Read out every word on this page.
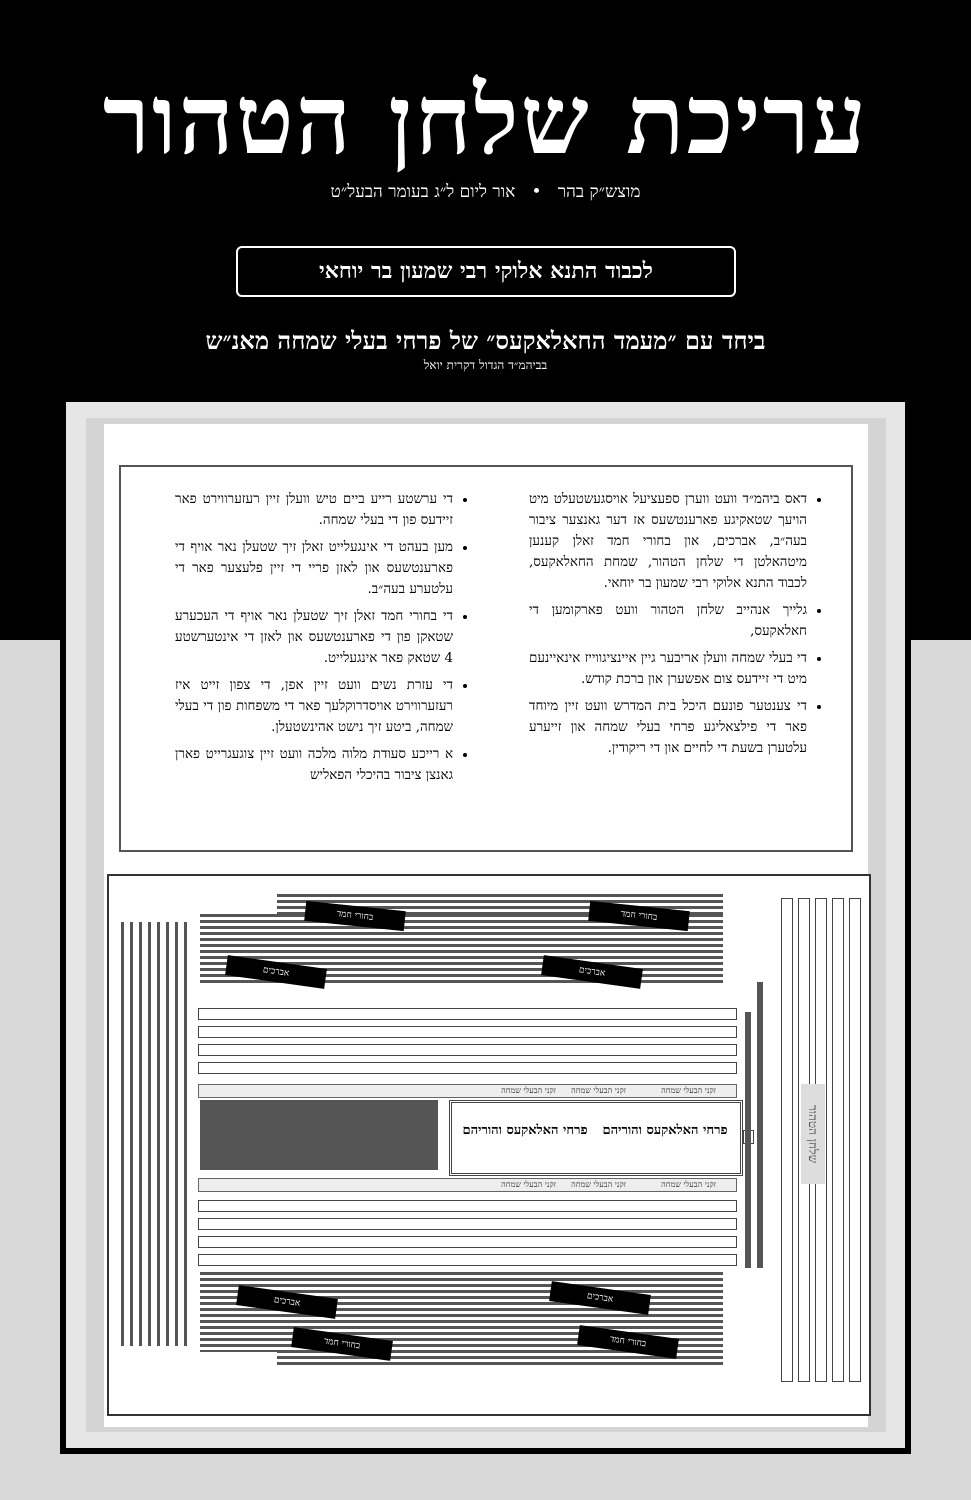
עריכת שלחן הטהור
מוצש״ק בהר   •   אור ליום ל״ג בעומר הבעל״ט
לכבוד התנא אלוקי רבי שמעון בר יוחאי
ביחד עם ״מעמד החאלאקעס״ של פרחי בעלי שמחה מאנ״ש
בביהמ״ד הגדול דקרית יואל
• דאס ביהמ״ד וועט ווערן ספעציעל אויסגעשטעלט מיט הויעך שטאקיגע פארענטשעס אז דער גאנצער ציבור בעה״ב, אברכים, און בחורי חמד זאלן קענען מיטהאלטן די שלחן הטהור, שמחת החאלאקעס, לכבוד התנא אלוקי רבי שמעון בר יוחאי.
• גלייך אנהייב שלחן הטהור וועט פארקומען די חאלאקעס,
• די בעלי שמחה וועלן אריבער גיין איינציגווייז אינאיינעם מיט די זיידעס צום אפשערן און ברכת קודש.
• די צענטער פונעם היכל בית המדרש וועט זיין מיוחד פאר די פילצאליגע פרחי בעלי שמחה און זייערע עלטערן בשעת די לחיים און די ריקודין.
• די ערשטע רייע ביים טיש וועלן זיין רעזערווירט פאר זיידעס פון די בעלי שמחה.
• מען בעהט די אינגעלייט זאלן זיך שטעלן נאר אויף די פארענטשעס און לאזן פריי די זיין פלעצער פאר די עלטערע בעה״ב.
• די בחורי חמד זאלן זיך שטעלן נאר אויף די העכערע שטאקן פון די פארענטשעס און לאזן די אינטערשטע 4 שטאק פאר אינגעלייט.
• די עזרת נשים וועט זיין אפן, די צפון זייט איז רעזערווירט אויסדרוקלעך פאר די משפחות פון די בעלי שמחה, ביטע זיך נישט אהינשטעלן.
• א רייכע סעודת מלוה מלכה וועט זיין צוגעגרייט פארן גאנצן ציבור בהיכלי הפאליש
בחורי חמד	בחורי חמד
אברכים	אברכים
זקני הבעלי שמחה
זקני הבעלי שמחה
זקני הבעלי שמחה
פרחי האלאקעס והוריהם
פרחי האלאקעס והוריהם
זקני הבעלי שמחה
זקני הבעלי שמחה
זקני הבעלי שמחה
אברכים	אברכים
בחורי חמד	בחורי חמד
שלחן הטהור
